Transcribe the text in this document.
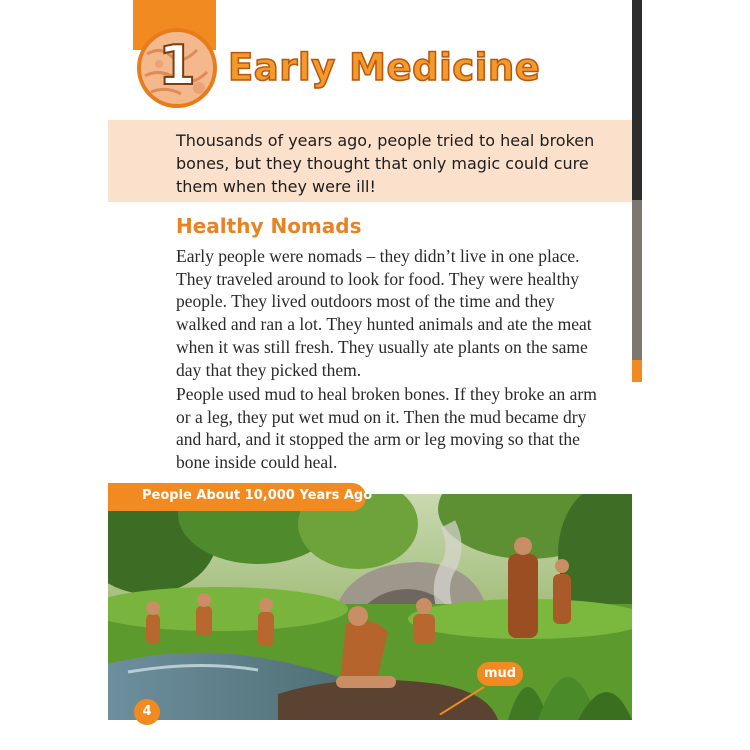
1 Early Medicine

Thousands of years ago, people tried to heal broken bones, but they thought that only magic could cure them when they were ill!

Healthy Nomads

Early people were nomads – they didn’t live in one place. They traveled around to look for food. They were healthy people. They lived outdoors most of the time and they walked and ran a lot. They hunted animals and ate the meat when it was still fresh. They usually ate plants on the same day that they picked them.

People used mud to heal broken bones. If they broke an arm or a leg, they put wet mud on it. Then the mud became dry and hard, and it stopped the arm or leg moving so that the bone inside could heal.

People About 10,000 Years Ago
mud
4
